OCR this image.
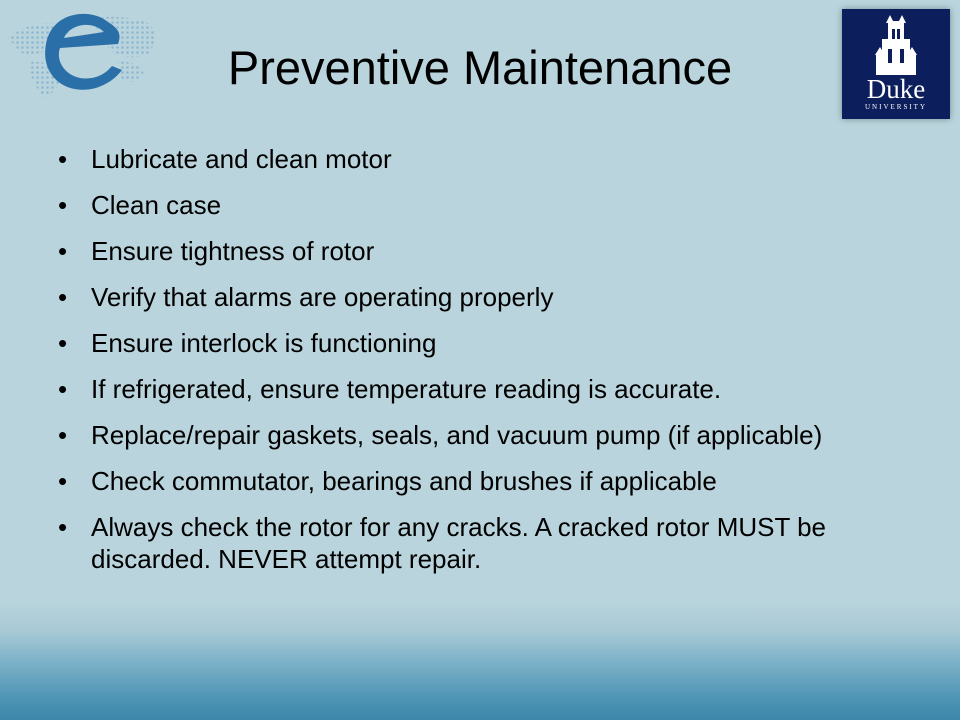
Duke
UNIVERSITY
Preventive Maintenance
• Lubricate and clean motor
• Clean case
• Ensure tightness of rotor
• Verify that alarms are operating properly
• Ensure interlock is functioning
• If refrigerated, ensure temperature reading is accurate.
• Replace/repair gaskets, seals, and vacuum pump (if applicable)
• Check commutator, bearings and brushes if applicable
• Always check the rotor for any cracks. A cracked rotor MUST be discarded. NEVER attempt repair.
